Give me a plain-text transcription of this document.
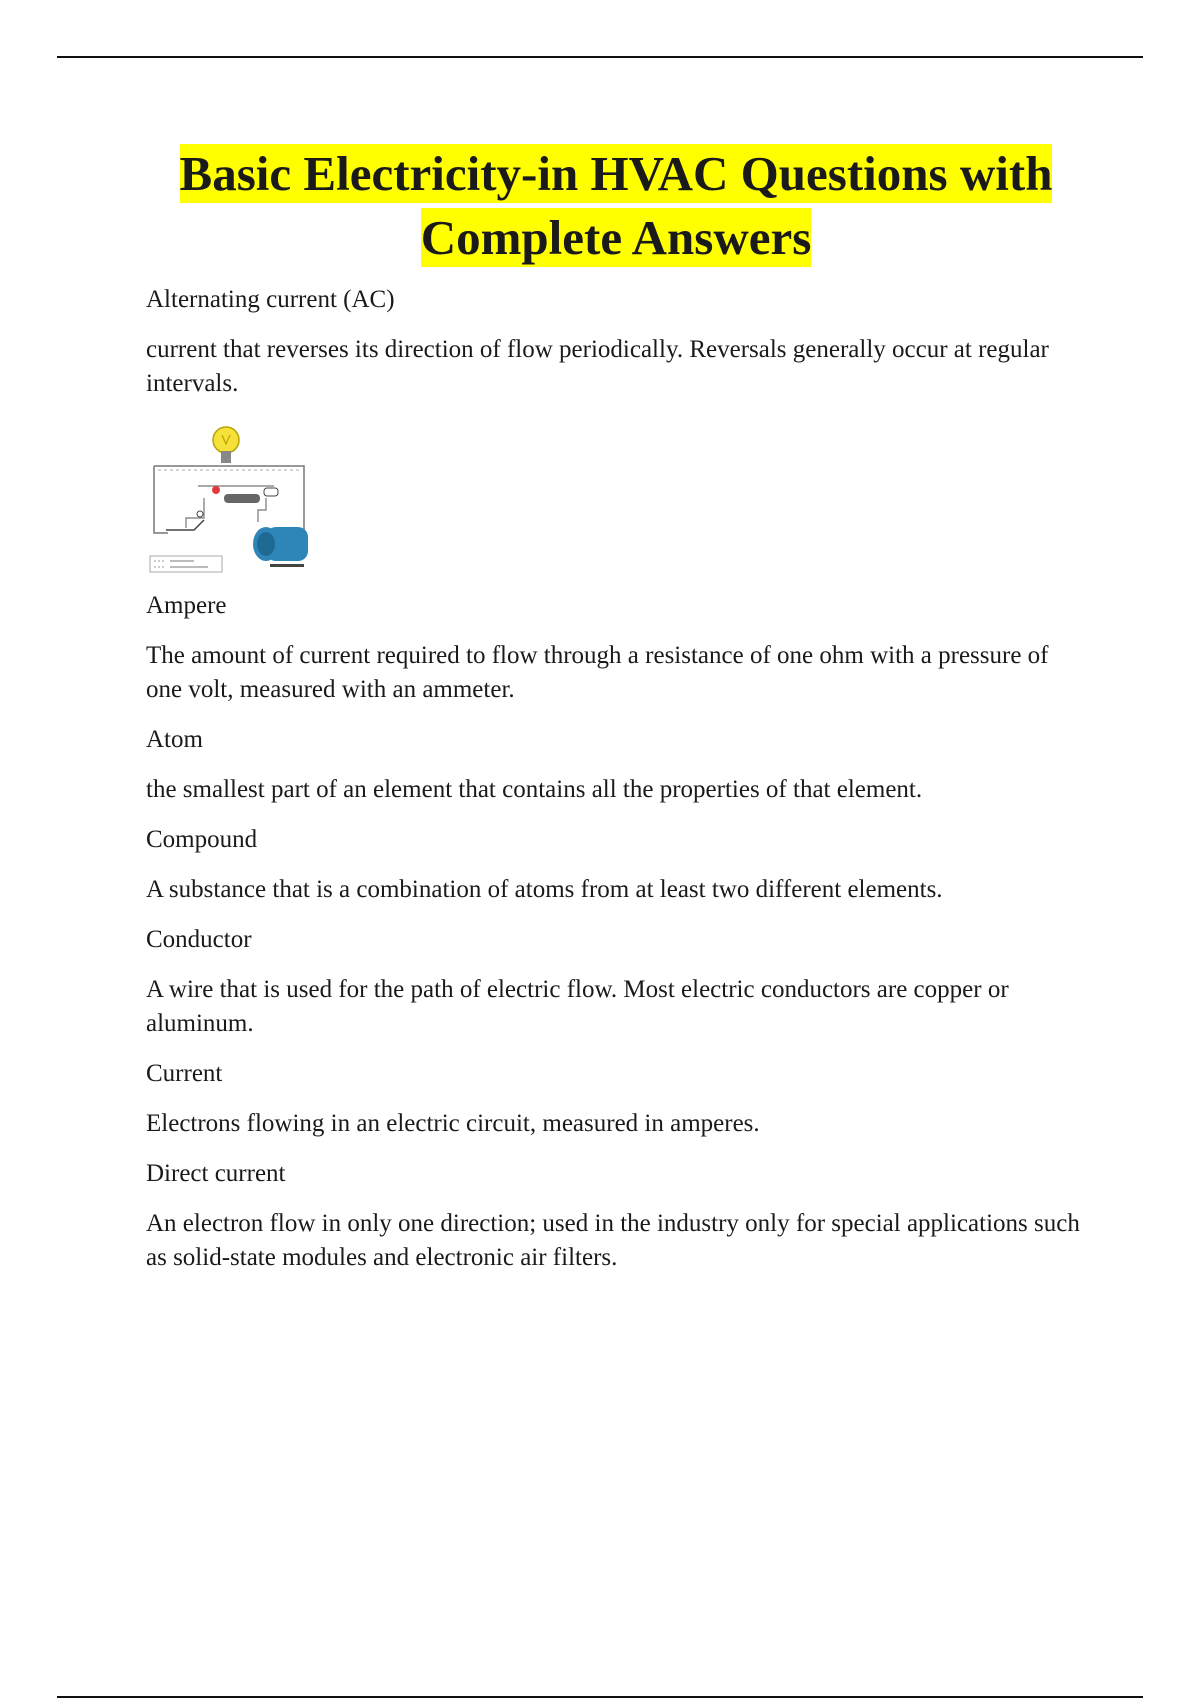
Basic Electricity-in HVAC Questions with Complete Answers

Alternating current (AC)

current that reverses its direction of flow periodically. Reversals generally occur at regular intervals.

Ampere

The amount of current required to flow through a resistance of one ohm with a pressure of one volt, measured with an ammeter.

Atom

the smallest part of an element that contains all the properties of that element.

Compound

A substance that is a combination of atoms from at least two different elements.

Conductor

A wire that is used for the path of electric flow. Most electric conductors are copper or aluminum.

Current

Electrons flowing in an electric circuit, measured in amperes.

Direct current

An electron flow in only one direction; used in the industry only for special applications such as solid-state modules and electronic air filters.
